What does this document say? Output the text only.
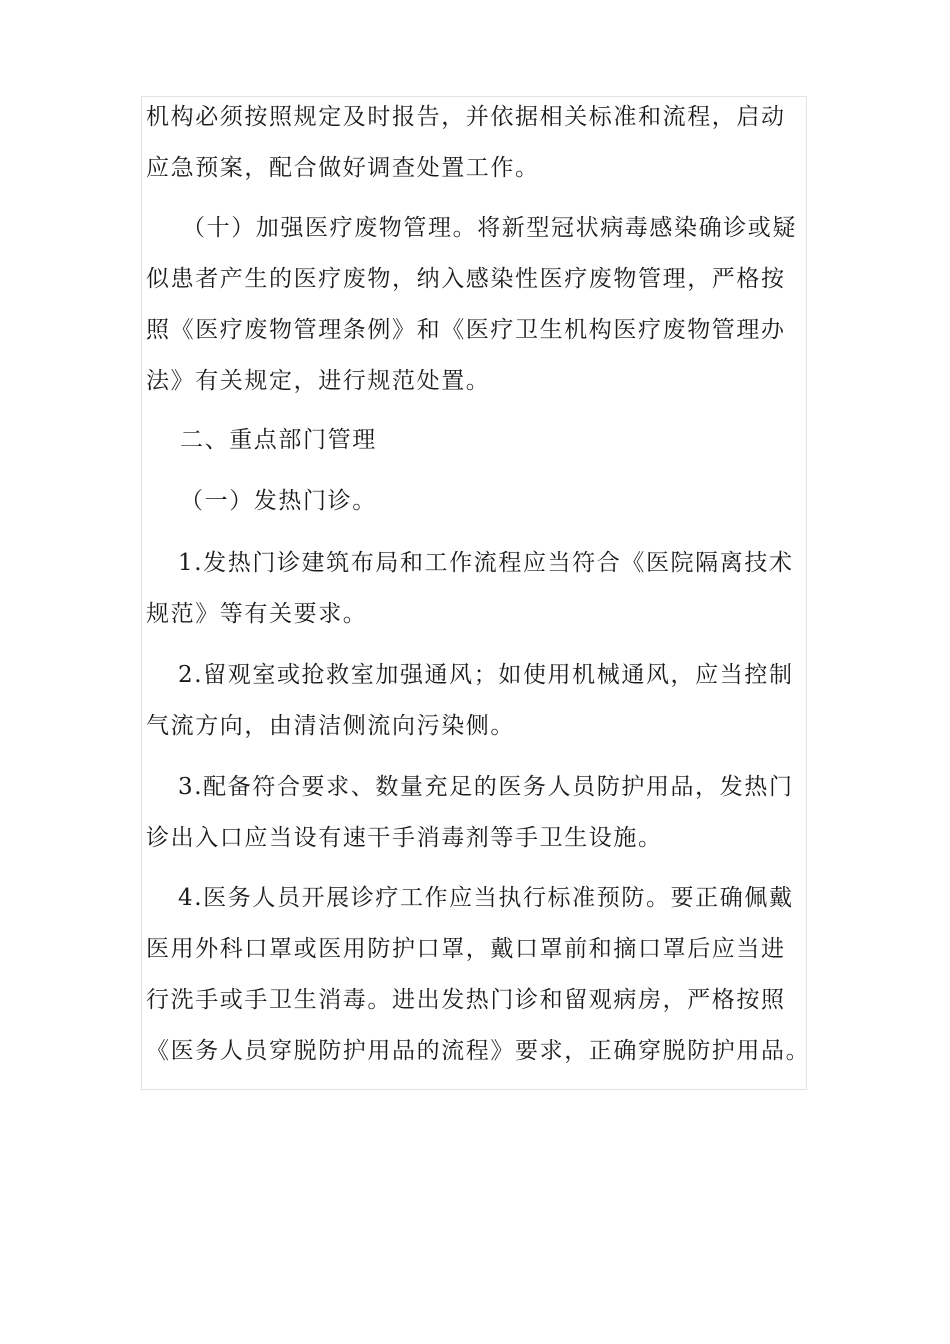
机构必须按照规定及时报告，并依据相关标准和流程，启动
应急预案，配合做好调查处置工作。

（十）加强医疗废物管理。将新型冠状病毒感染确诊或疑
似患者产生的医疗废物，纳入感染性医疗废物管理，严格按
照《医疗废物管理条例》和《医疗卫生机构医疗废物管理办
法》有关规定，进行规范处置。

二、重点部门管理

（一）发热门诊。

1.发热门诊建筑布局和工作流程应当符合《医院隔离技术
规范》等有关要求。

2.留观室或抢救室加强通风；如使用机械通风，应当控制
气流方向，由清洁侧流向污染侧。

3.配备符合要求、数量充足的医务人员防护用品，发热门
诊出入口应当设有速干手消毒剂等手卫生设施。

4.医务人员开展诊疗工作应当执行标准预防。要正确佩戴
医用外科口罩或医用防护口罩，戴口罩前和摘口罩后应当进
行洗手或手卫生消毒。进出发热门诊和留观病房，严格按照
《医务人员穿脱防护用品的流程》要求，正确穿脱防护用品。
